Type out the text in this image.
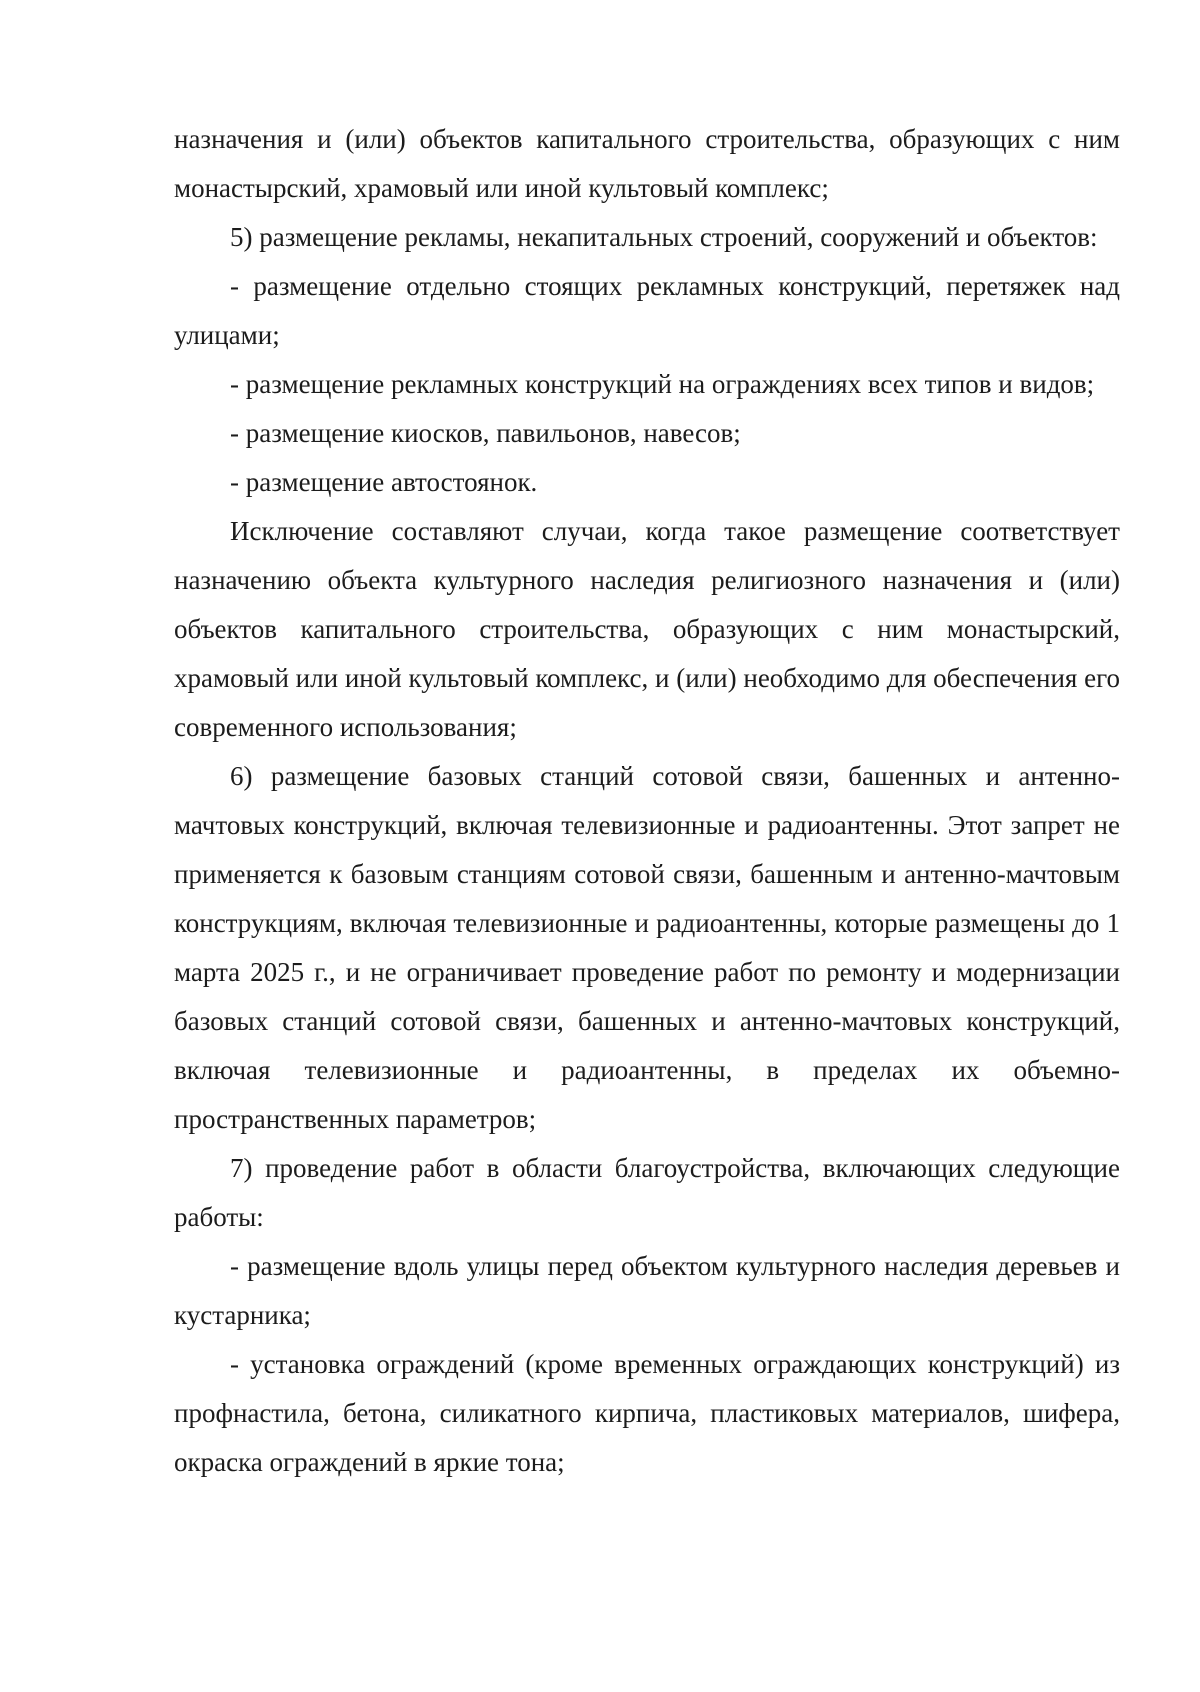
назначения и (или) объектов капитального строительства, образующих с ним монастырский, храмовый или иной культовый комплекс;

5) размещение рекламы, некапитальных строений, сооружений и объектов:

- размещение отдельно стоящих рекламных конструкций, перетяжек над улицами;

- размещение рекламных конструкций на ограждениях всех типов и видов;

- размещение киосков, павильонов, навесов;

- размещение автостоянок.

Исключение составляют случаи, когда такое размещение соответствует назначению объекта культурного наследия религиозного назначения и (или) объектов капитального строительства, образующих с ним монастырский, храмовый или иной культовый комплекс, и (или) необходимо для обеспечения его современного использования;

6) размещение базовых станций сотовой связи, башенных и антенно-мачтовых конструкций, включая телевизионные и радиоантенны. Этот запрет не применяется к базовым станциям сотовой связи, башенным и антенно-мачтовым конструкциям, включая телевизионные и радиоантенны, которые размещены до 1 марта 2025 г., и не ограничивает проведение работ по ремонту и модернизации базовых станций сотовой связи, башенных и антенно-мачтовых конструкций, включая телевизионные и радиоантенны, в пределах их объемно- пространственных параметров;

7) проведение работ в области благоустройства, включающих следующие работы:

- размещение вдоль улицы перед объектом культурного наследия деревьев и кустарника;

- установка ограждений (кроме временных ограждающих конструкций) из профнастила, бетона, силикатного кирпича, пластиковых материалов, шифера, окраска ограждений в яркие тона;
